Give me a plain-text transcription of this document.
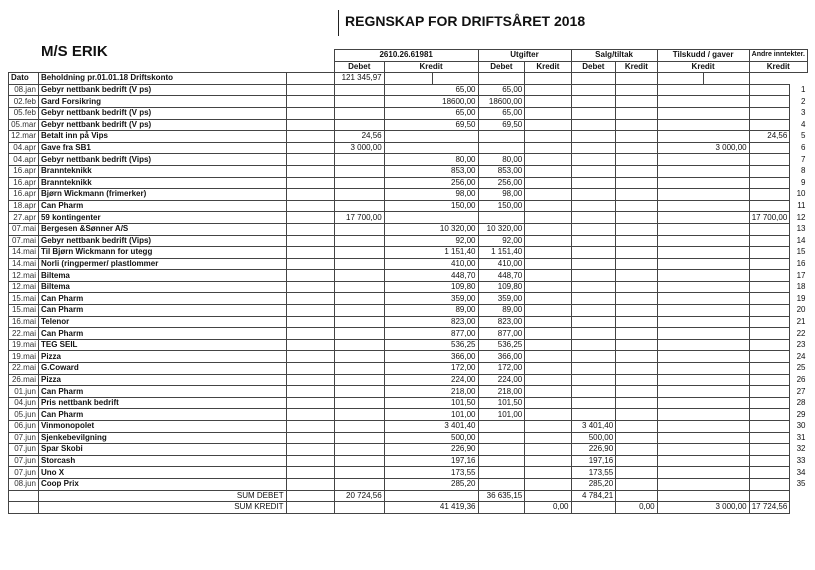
REGNSKAP FOR DRIFTSÅRET 2018
M/S ERIK
			2610.26.61981			Utgifter		Salg/tiltak		Tilskudd / gaver		Andre inntekter.	
			Debet	Kredit		Debet	Kredit	Debet	Kredit	Kredit		Kredit	
Dato	Beholdning pr.01.01.18 Driftskonto		121 345,97										
08.jan	Gebyr nettbank bedrift (V ps)			65,00		65,00							1
02.feb	Gard Forsikring			18600,00		18600,00							2
05.feb	Gebyr nettbank bedrift (V ps)			65,00		65,00							3
05.mar	Gebyr nettbank bedrift (V ps)			69,50		69,50							4
12.mar	Betalt inn på Vips		24,56									24,56	5
04.apr	Gave fra SB1		3 000,00							3 000,00			6
04.apr	Gebyr nettbank bedrift (Vips)			80,00		80,00							7
16.apr	Brannteknikk			853,00		853,00							8
16.apr	Brannteknikk			256,00		256,00							9
16.apr	Bjørn Wickmann (frimerker)			98,00		98,00							10
18.apr	Can Pharm			150,00		150,00							11
27.apr	59 kontingenter		17 700,00									17 700,00	12
07.mai	Bergesen &Sønner A/S			10 320,00		10 320,00							13
07.mai	Gebyr nettbank bedrift (Vips)			92,00		92,00							14
14.mai	Til Bjørn Wickmann for utegg			1 151,40		1 151,40							15
14.mai	Norli (ringpermer/ plastlommer			410,00		410,00							16
12.mai	Biltema			448,70		448,70							17
12.mai	Biltema			109,80		109,80							18
15.mai	Can Pharm			359,00		359,00							19
15.mai	Can Pharm			89,00		89,00							20
16.mai	Telenor			823,00		823,00							21
22.mai	Can Pharm			877,00		877,00							22
19.mai	TEG SEIL			536,25		536,25							23
19.mai	Pizza			366,00		366,00							24
22.mai	G.Coward			172,00		172,00							25
26.mai	Pizza			224,00		224,00							26
01.jun	Can Pharm			218,00		218,00							27
04.jun	Pris nettbank bedrift			101,50		101,50							28
05.jun	Can Pharm			101,00		101,00							29
06.jun	Vinmonopolet			3 401,40				3 401,40					30
07.jun	Sjenkebevilgning			500,00				500,00					31
07.jun	Spar Skobi			226,90				226,90					32
07.jun	Storcash			197,16				197,16					33
07.jun	Uno X			173,55				173,55					34
08.jun	Coop Prix			285,20				285,20					35
	SUM DEBET		20 724,56			36 635,15		4 784,21					
	SUM KREDIT			41 419,36			0,00		0,00	3 000,00		17 724,56	
